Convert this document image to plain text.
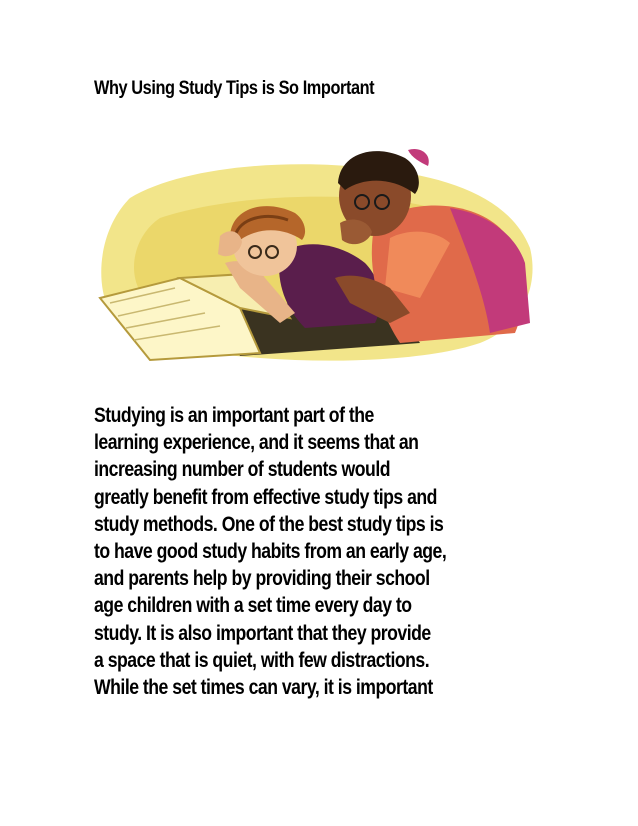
Why Using Study Tips is So Important
Studying is an important part of the
learning experience, and it seems that an
increasing number of students would
greatly benefit from effective study tips and
study methods. One of the best study tips is
to have good study habits from an early age,
and parents help by providing their school
age children with a set time every day to
study. It is also important that they provide
a space that is quiet, with few distractions.
While the set times can vary, it is important
